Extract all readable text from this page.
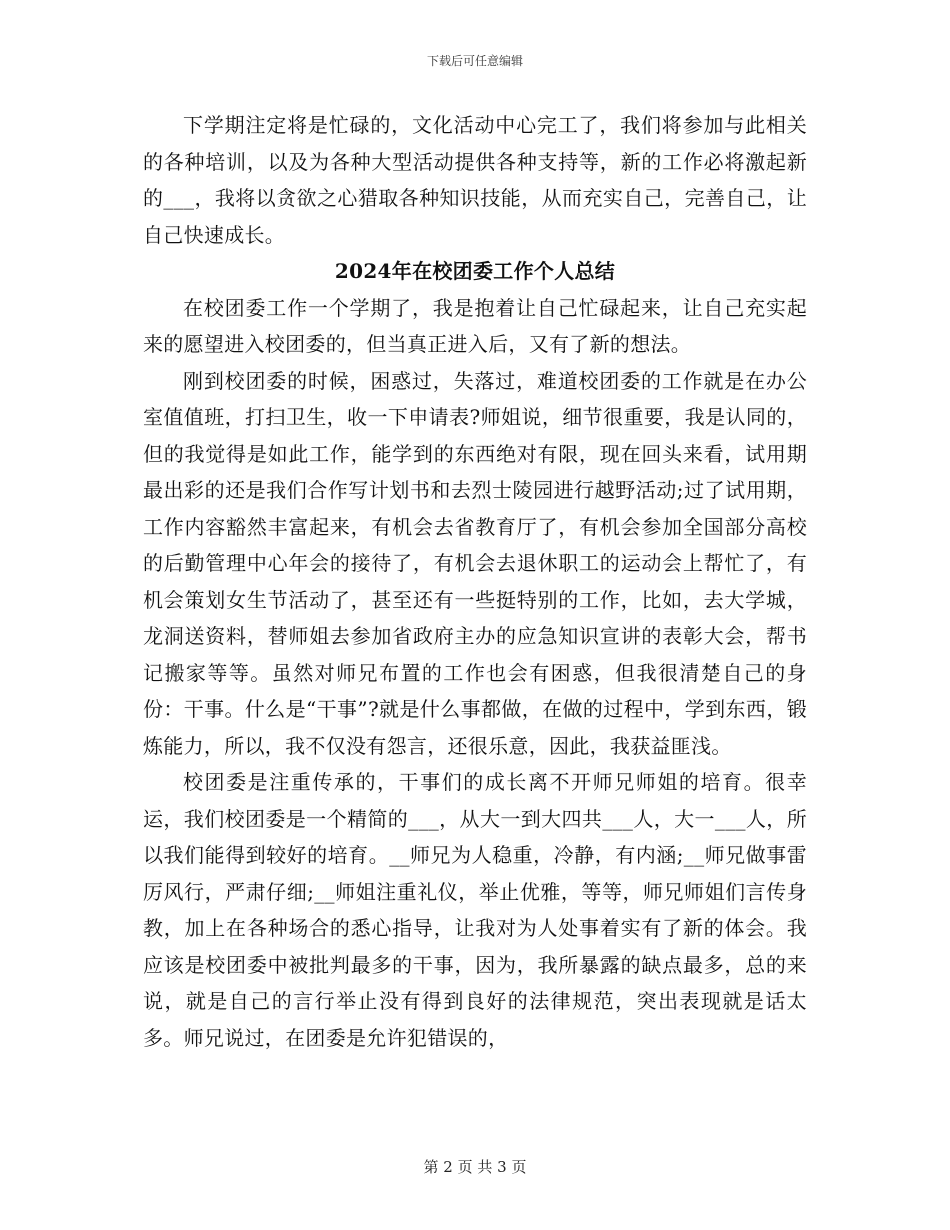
下载后可任意编辑

下学期注定将是忙碌的，文化活动中心完工了，我们将参加与此相关的各种培训，以及为各种大型活动提供各种支持等，新的工作必将激起新的___，我将以贪欲之心猎取各种知识技能，从而充实自己，完善自己，让自己快速成长。

2024年在校团委工作个人总结

在校团委工作一个学期了，我是抱着让自己忙碌起来，让自己充实起来的愿望进入校团委的，但当真正进入后，又有了新的想法。

刚到校团委的时候，困惑过，失落过，难道校团委的工作就是在办公室值值班，打扫卫生，收一下申请表?师姐说，细节很重要，我是认同的，但的我觉得是如此工作，能学到的东西绝对有限，现在回头来看，试用期最出彩的还是我们合作写计划书和去烈士陵园进行越野活动;过了试用期，工作内容豁然丰富起来，有机会去省教育厅了，有机会参加全国部分高校的后勤管理中心年会的接待了，有机会去退休职工的运动会上帮忙了，有机会策划女生节活动了，甚至还有一些挺特别的工作，比如，去大学城，龙洞送资料，替师姐去参加省政府主办的应急知识宣讲的表彰大会，帮书记搬家等等。虽然对师兄布置的工作也会有困惑，但我很清楚自己的身份：干事。什么是“干事”?就是什么事都做，在做的过程中，学到东西，锻炼能力，所以，我不仅没有怨言，还很乐意，因此，我获益匪浅。

校团委是注重传承的，干事们的成长离不开师兄师姐的培育。很幸运，我们校团委是一个精简的___，从大一到大四共___人，大一___人，所以我们能得到较好的培育。__师兄为人稳重，冷静，有内涵;__师兄做事雷厉风行，严肃仔细;__师姐注重礼仪，举止优雅，等等，师兄师姐们言传身教，加上在各种场合的悉心指导，让我对为人处事着实有了新的体会。我应该是校团委中被批判最多的干事，因为，我所暴露的缺点最多，总的来说，就是自己的言行举止没有得到良好的法律规范，突出表现就是话太多。师兄说过，在团委是允许犯错误的，

第 2 页 共 3 页
